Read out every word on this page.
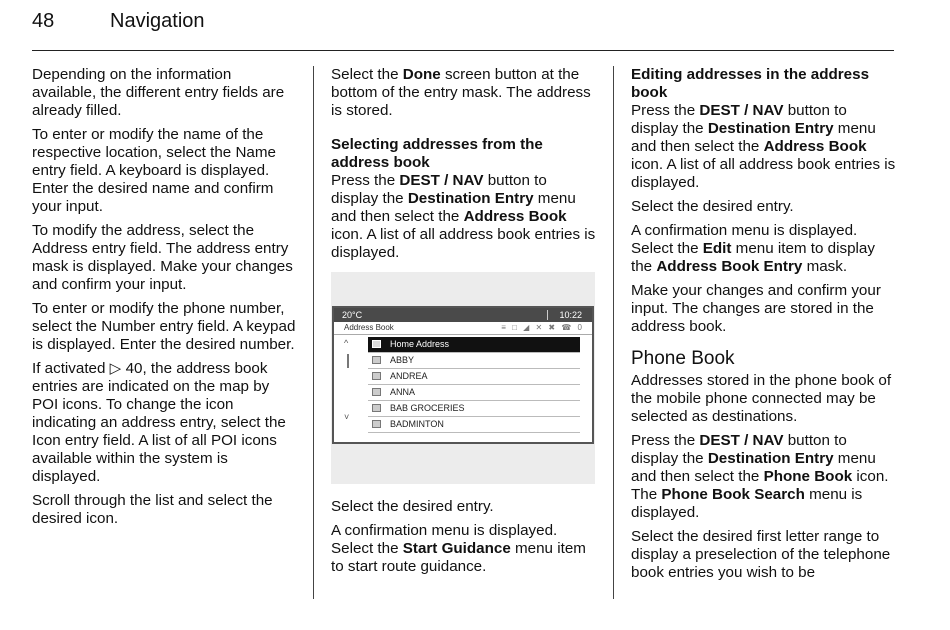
48	Navigation

Depending on the information available, the different entry fields are already filled.

To enter or modify the name of the respective location, select the Name entry field. A keyboard is displayed. Enter the desired name and confirm your input.

To modify the address, select the Address entry field. The address entry mask is displayed. Make your changes and confirm your input.

To enter or modify the phone number, select the Number entry field. A keypad is displayed. Enter the desired number.

If activated ▷ 40, the address book entries are indicated on the map by POI icons. To change the icon indicating an address entry, select the Icon entry field. A list of all POI icons available within the system is displayed.

Scroll through the list and select the desired icon.

Select the Done screen button at the bottom of the entry mask. The address is stored.

Selecting addresses from the address book

Press the DEST / NAV button to display the Destination Entry menu and then select the Address Book icon. A list of all address book entries is displayed.

20°C	10:22
Address Book	≡ □ ◢ ✕ ✖ ☎ 0
^
˅
Home Address
ABBY
ANDREA
ANNA
BAB GROCERIES
BADMINTON

Select the desired entry.

A confirmation menu is displayed. Select the Start Guidance menu item to start route guidance.

Editing addresses in the address book

Press the DEST / NAV button to display the Destination Entry menu and then select the Address Book icon. A list of all address book entries is displayed.

Select the desired entry.

A confirmation menu is displayed. Select the Edit menu item to display the Address Book Entry mask.

Make your changes and confirm your input. The changes are stored in the address book.

Phone Book

Addresses stored in the phone book of the mobile phone connected may be selected as destinations.

Press the DEST / NAV button to display the Destination Entry menu and then select the Phone Book icon. The Phone Book Search menu is displayed.

Select the desired first letter range to display a preselection of the telephone book entries you wish to be
